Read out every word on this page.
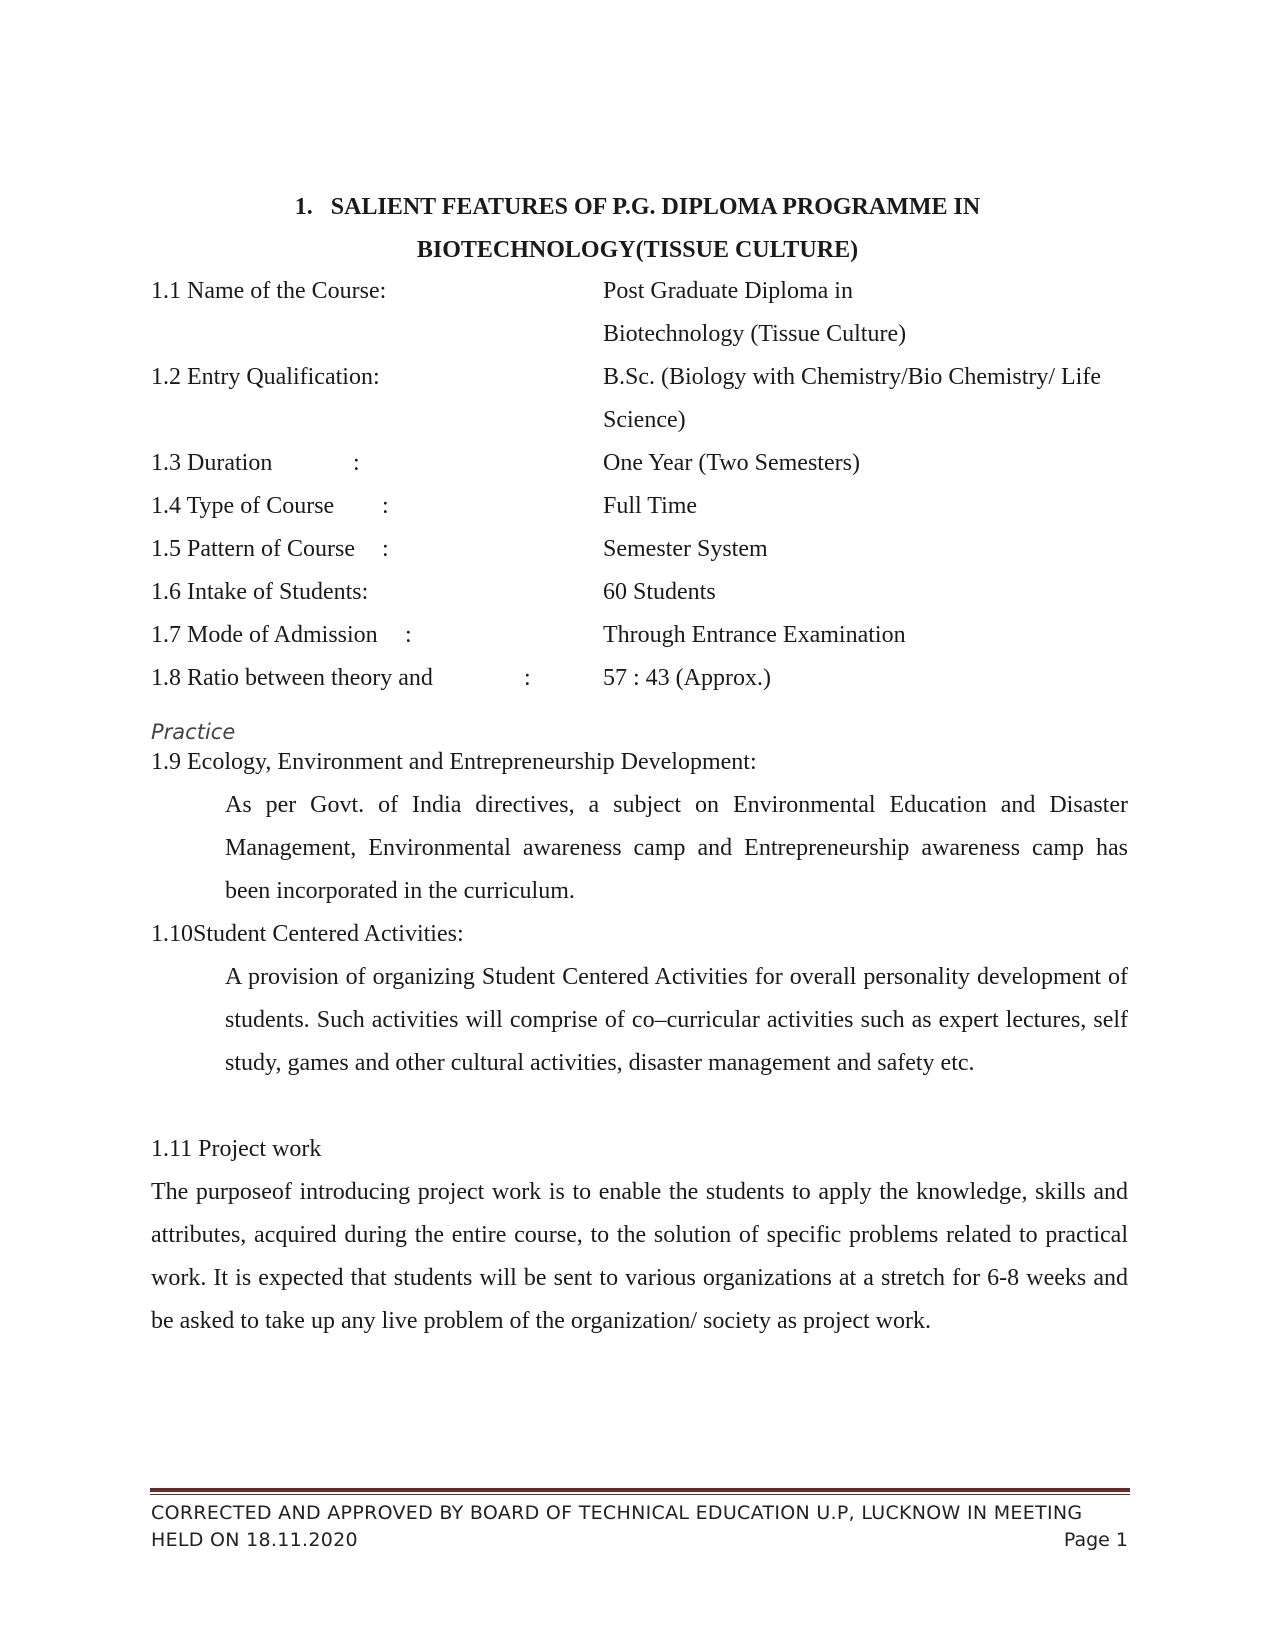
1. SALIENT FEATURES OF P.G. DIPLOMA PROGRAMME IN
BIOTECHNOLOGY(TISSUE CULTURE)
1.1 Name of the Course:	Post Graduate Diploma in
Biotechnology (Tissue Culture)
1.2 Entry Qualification:	B.Sc. (Biology with Chemistry/Bio Chemistry/ Life
Science)
1.3 Duration	:	One Year (Two Semesters)
1.4 Type of Course :	Full Time
1.5 Pattern of Course :	Semester System
1.6 Intake of Students:	60 Students
1.7 Mode of Admission :	Through Entrance Examination
1.8 Ratio between theory and	:	57 : 43 (Approx.)
Practice
1.9 Ecology, Environment and Entrepreneurship Development:
As per Govt. of India directives, a subject on Environmental Education and Disaster Management, Environmental awareness camp and Entrepreneurship awareness camp has been incorporated in the curriculum.
1.10Student Centered Activities:
A provision of organizing Student Centered Activities for overall personality development of students. Such activities will comprise of co–curricular activities such as expert lectures, self study, games and other cultural activities, disaster management and safety etc.
1.11 Project work
The purposeof introducing project work is to enable the students to apply the knowledge, skills and attributes, acquired during the entire course, to the solution of specific problems related to practical work. It is expected that students will be sent to various organizations at a stretch for 6-8 weeks and be asked to take up any live problem of the organization/ society as project work.
CORRECTED AND APPROVED BY BOARD OF TECHNICAL EDUCATION U.P, LUCKNOW IN MEETING
HELD ON 18.11.2020	Page 1
